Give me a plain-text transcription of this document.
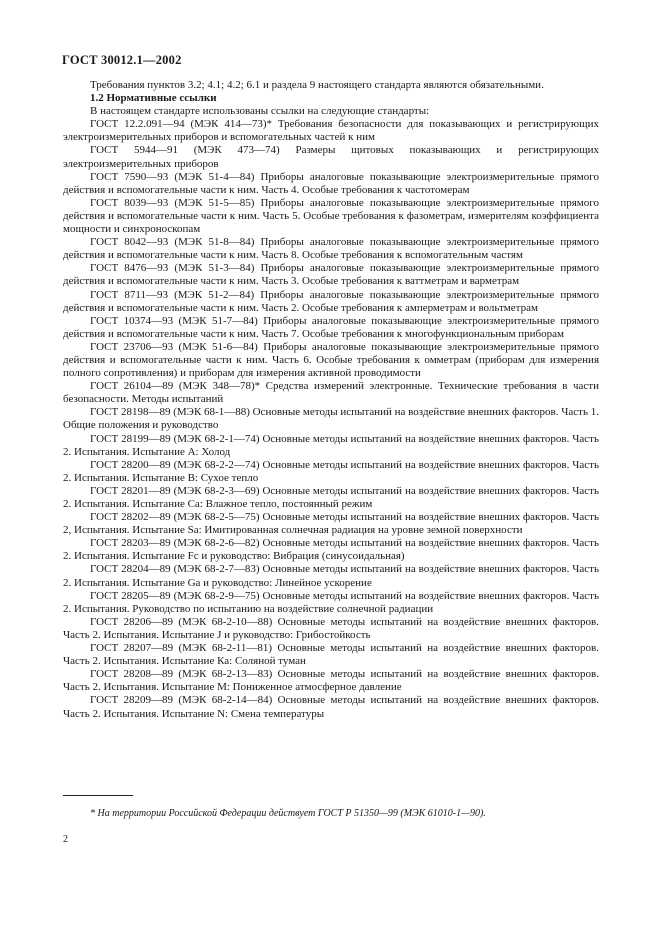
ГОСТ 30012.1—2002

Требования пунктов 3.2; 4.1; 4.2; 6.1 и раздела 9 настоящего стандарта являются обязательными.

1.2 Нормативные ссылки

В настоящем стандарте использованы ссылки на следующие стандарты:

ГОСТ 12.2.091—94 (МЭК 414—73)* Требования безопасности для показывающих и регистрирующих электроизмерительных приборов и вспомогательных частей к ним

ГОСТ 5944—91 (МЭК 473—74) Размеры щитовых показывающих и регистрирующих электроизмерительных приборов

ГОСТ 7590—93 (МЭК 51-4—84) Приборы аналоговые показывающие электроизмерительные прямого действия и вспомогательные части к ним. Часть 4. Особые требования к частотомерам

ГОСТ 8039—93 (МЭК 51-5—85) Приборы аналоговые показывающие электроизмерительные прямого действия и вспомогательные части к ним. Часть 5. Особые требования к фазометрам, измерителям коэффициента мощности и синхроноскопам

ГОСТ 8042—93 (МЭК 51-8—84) Приборы аналоговые показывающие электроизмерительные прямого действия и вспомогательные части к ним. Часть 8. Особые требования к вспомогательным частям

ГОСТ 8476—93 (МЭК 51-3—84) Приборы аналоговые показывающие электроизмерительные прямого действия и вспомогательные части к ним. Часть 3. Особые требования к ваттметрам и варметрам

ГОСТ 8711—93 (МЭК 51-2—84) Приборы аналоговые показывающие электроизмерительные прямого действия и вспомогательные части к ним. Часть 2. Особые требования к амперметрам и вольтметрам

ГОСТ 10374—93 (МЭК 51-7—84) Приборы аналоговые показывающие электроизмерительные прямого действия и вспомогательные части к ним. Часть 7. Особые требования к многофункциональным приборам

ГОСТ 23706—93 (МЭК 51-6—84) Приборы аналоговые показывающие электроизмерительные прямого действия и вспомогательные части к ним. Часть 6. Особые требования к омметрам (приборам для измерения полного сопротивления) и приборам для измерения активной проводимости

ГОСТ 26104—89 (МЭК 348—78)* Средства измерений электронные. Технические требования в части безопасности. Методы испытаний

ГОСТ 28198—89 (МЭК 68-1—88) Основные методы испытаний на воздействие внешних факторов. Часть 1. Общие положения и руководство

ГОСТ 28199—89 (МЭК 68-2-1—74) Основные методы испытаний на воздействие внешних факторов. Часть 2. Испытания. Испытание А: Холод

ГОСТ 28200—89 (МЭК 68-2-2—74) Основные методы испытаний на воздействие внешних факторов. Часть 2. Испытания. Испытание В: Сухое тепло

ГОСТ 28201—89 (МЭК 68-2-3—69) Основные методы испытаний на воздействие внешних факторов. Часть 2. Испытания. Испытание Са: Влажное тепло, постоянный режим

ГОСТ 28202—89 (МЭК 68-2-5—75) Основные методы испытаний на воздействие внешних факторов. Часть 2, Испытания. Испытание Sa: Имитированная солнечная радиация на уровне земной поверхности

ГОСТ 28203—89 (МЭК 68-2-6—82) Основные методы испытаний на воздействие внешних факторов. Часть 2. Испытания. Испытание Fc и руководство: Вибрация (синусоидальная)

ГОСТ 28204—89 (МЭК 68-2-7—83) Основные методы испытаний на воздействие внешних факторов. Часть 2. Испытания. Испытание Ga и руководство: Линейное ускорение

ГОСТ 28205—89 (МЭК 68-2-9—75) Основные методы испытаний на воздействие внешних факторов. Часть 2. Испытания. Руководство по испытанию на воздействие солнечной радиации

ГОСТ 28206—89 (МЭК 68-2-10—88) Основные методы испытаний на воздействие внешних факторов. Часть 2. Испытания. Испытание J и руководство: Грибостойкость

ГОСТ 28207—89 (МЭК 68-2-11—81) Основные методы испытаний на воздействие внешних факторов. Часть 2. Испытания. Испытание Ка: Соляной туман

ГОСТ 28208—89 (МЭК 68-2-13—83) Основные методы испытаний на воздействие внешних факторов. Часть 2. Испытания. Испытание М: Пониженное атмосферное давление

ГОСТ 28209—89 (МЭК 68-2-14—84) Основные методы испытаний на воздействие внешних факторов. Часть 2. Испытания. Испытание N: Смена температуры

* На территории Российской Федерации действует ГОСТ Р 51350—99 (МЭК 61010-1—90).
2
